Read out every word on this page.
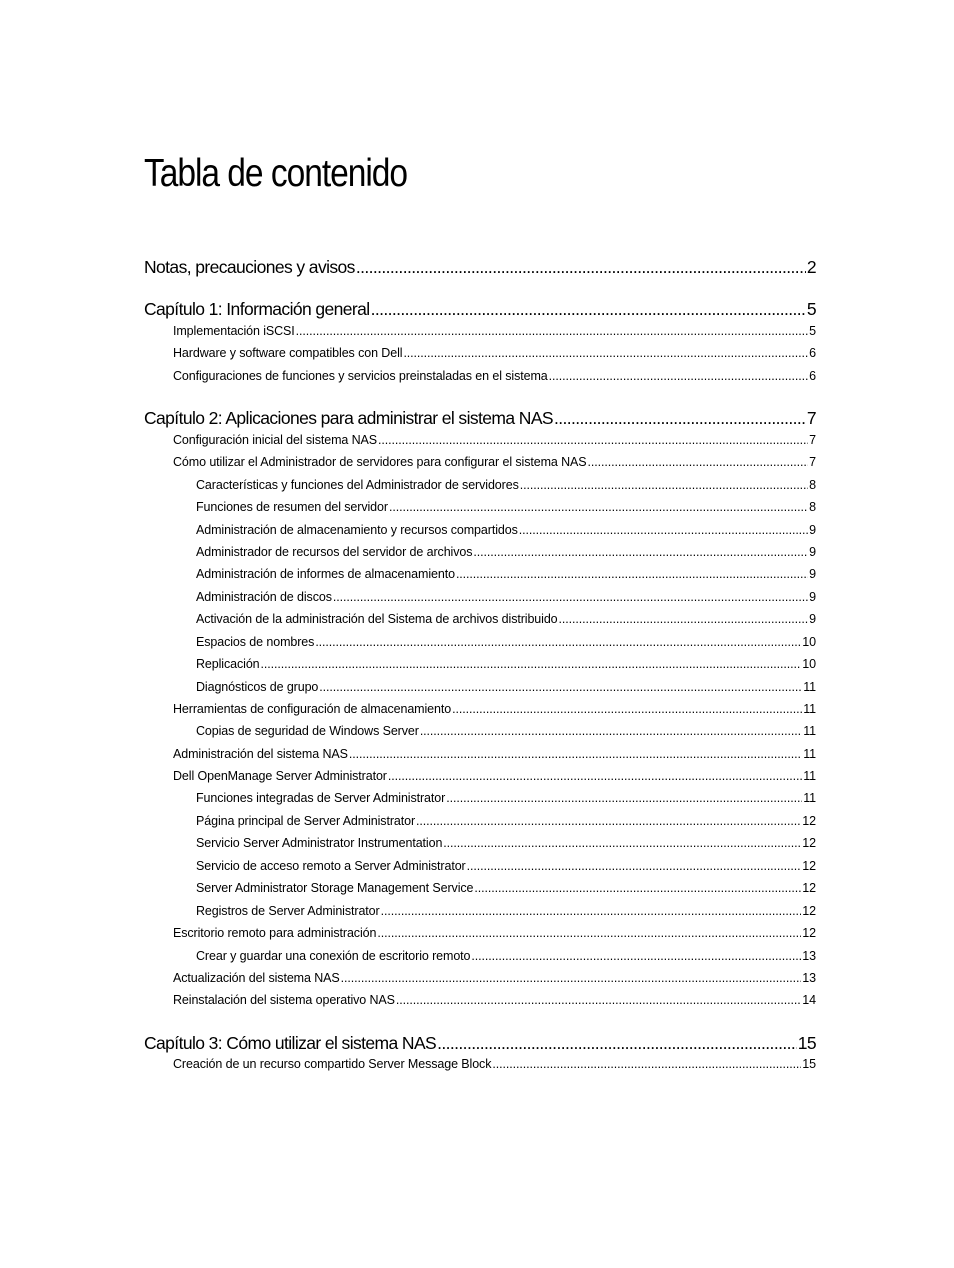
Tabla de contenido
Notas, precauciones y avisos .....	2
Capítulo 1: Información general .....	5
Implementación iSCSI .....	5
Hardware y software compatibles con Dell .....	6
Configuraciones de funciones y servicios preinstaladas en el sistema .....	6
Capítulo 2: Aplicaciones para administrar el sistema NAS .....	7
Configuración inicial del sistema NAS .....	7
Cómo utilizar el Administrador de servidores para configurar el sistema NAS .....	7
Características y funciones del Administrador de servidores .....	8
Funciones de resumen del servidor .....	8
Administración de almacenamiento y recursos compartidos .....	9
Administrador de recursos del servidor de archivos .....	9
Administración de informes de almacenamiento .....	9
Administración de discos .....	9
Activación de la administración del Sistema de archivos distribuido .....	9
Espacios de nombres .....	10
Replicación .....	10
Diagnósticos de grupo .....	11
Herramientas de configuración de almacenamiento .....	11
Copias de seguridad de Windows Server .....	11
Administración del sistema NAS .....	11
Dell OpenManage Server Administrator .....	11
Funciones integradas de Server Administrator .....	11
Página principal de Server Administrator .....	12
Servicio Server Administrator Instrumentation .....	12
Servicio de acceso remoto a Server Administrator .....	12
Server Administrator Storage Management Service .....	12
Registros de Server Administrator .....	12
Escritorio remoto para administración .....	12
Crear y guardar una conexión de escritorio remoto .....	13
Actualización del sistema NAS .....	13
Reinstalación del sistema operativo NAS .....	14
Capítulo 3: Cómo utilizar el sistema NAS .....	15
Creación de un recurso compartido Server Message Block .....	15
